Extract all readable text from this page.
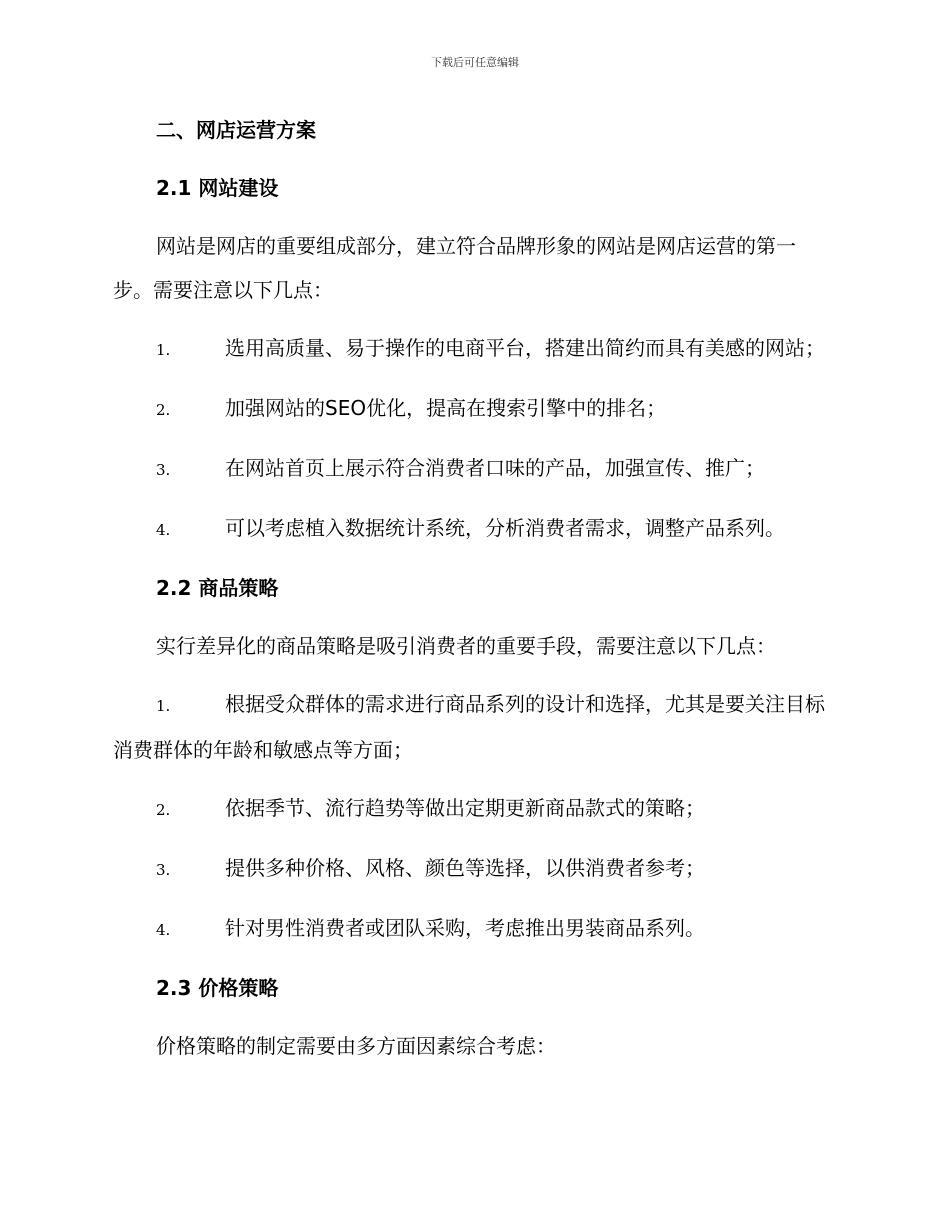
下载后可任意编辑
二、网店运营方案
2.1 网站建设

网站是网店的重要组成部分，建立符合品牌形象的网站是网店运营的第一步。需要注意以下几点：

1.	选用高质量、易于操作的电商平台，搭建出简约而具有美感的网站；

2.	加强网站的SEO优化，提高在搜索引擎中的排名；

3.	在网站首页上展示符合消费者口味的产品，加强宣传、推广；

4.	可以考虑植入数据统计系统，分析消费者需求，调整产品系列。

2.2 商品策略

实行差异化的商品策略是吸引消费者的重要手段，需要注意以下几点：

1.	根据受众群体的需求进行商品系列的设计和选择，尤其是要关注目标消费群体的年龄和敏感点等方面；

2.	依据季节、流行趋势等做出定期更新商品款式的策略；

3.	提供多种价格、风格、颜色等选择，以供消费者参考；

4.	针对男性消费者或团队采购，考虑推出男装商品系列。

2.3 价格策略

价格策略的制定需要由多方面因素综合考虑：
